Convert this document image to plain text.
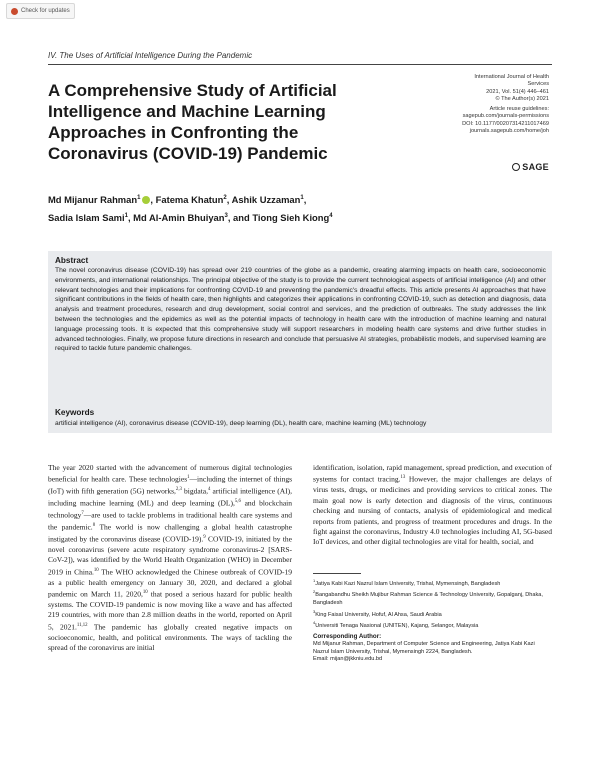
Check for updates
IV. The Uses of Artificial Intelligence During the Pandemic
A Comprehensive Study of Artificial Intelligence and Machine Learning Approaches in Confronting the Coronavirus (COVID-19) Pandemic
International Journal of Health
Services
2021, Vol. 51(4) 446–461
© The Author(s) 2021
Article reuse guidelines:
sagepub.com/journals-permissions
DOI: 10.1177/00207314211017469
journals.sagepub.com/home/joh
SAGE
Md Mijanur Rahman$^1$ , Fatema Khatun$^2$, Ashik Uzzaman$^1$,
Sadia Islam Sami$^1$, Md Al-Amin Bhuiyan$^3$, and Tiong Sieh Kiong$^4$
Abstract
The novel coronavirus disease (COVID-19) has spread over 219 countries of the globe as a pandemic, creating alarming impacts on health care, socioeconomic environments, and international relationships. The principal objective of the study is to provide the current technological aspects of artificial intelligence (AI) and other relevant technologies and their implications for confronting COVID-19 and preventing the pandemic's dreadful effects. This article presents AI approaches that have significant contributions in the fields of health care, then highlights and categorizes their applications in confronting COVID-19, such as detection and diagnosis, data analysis and treatment procedures, research and drug development, social control and services, and the prediction of outbreaks. The study addresses the link between the technologies and the epidemics as well as the potential impacts of technology in health care with the introduction of machine learning and natural language processing tools. It is expected that this comprehensive study will support researchers in modeling health care systems and drive further studies in advanced technologies. Finally, we propose future directions in research and conclude that persuasive AI strategies, probabilistic models, and supervised learning are required to tackle future pandemic challenges.
Keywords
artificial intelligence (AI), coronavirus disease (COVID-19), deep learning (DL), health care, machine learning (ML) technology
The year 2020 started with the advancement of numerous digital technologies beneficial for health care. These technologies$^1$—including the internet of things (IoT) with fifth generation (5G) networks,$^{2,3}$ bigdata,$^4$ artificial intelligence (AI), including machine learning (ML) and deep learning (DL),$^{5,6}$ and blockchain technology$^7$—are used to tackle problems in traditional health care systems and the pandemic.$^8$ The world is now challenging a global health catastrophe instigated by the coronavirus disease (COVID-19).$^9$ COVID-19, initiated by the novel coronavirus (severe acute respiratory syndrome coronavirus-2 [SARS-CoV-2]), was identified by the World Health Organization (WHO) in December 2019 in China.$^{10}$ The WHO acknowledged the Chinese outbreak of COVID-19 as a public health emergency on January 30, 2020, and declared a global pandemic on March 11, 2020,10 that posed a serious hazard for public health systems. The COVID-19 pandemic is now moving like a wave and has affected 219 countries, with more than 2.8 million deaths in the world, reported on April 5, 2021.$^{11,12}$ The pandemic has globally created negative impacts on socioeconomic, health, and political environments. The ways of tackling the spread of the coronavirus are initial
identification, isolation, rapid management, spread prediction, and execution of systems for contact tracing.$^{13}$ However, the major challenges are delays of virus tests, drugs, or medicines and providing services to critical zones. The main goal now is early detection and diagnosis of the virus, continuous checking and nursing of contacts, analysis of epidemiological and medical reports from patients, and progress of treatment procedures and drugs. In the fight against the coronavirus, Industry 4.0 technologies including AI, 5G-based IoT devices, and other digital technologies are vital for health, social, and
$^1$Jatiya Kabi Kazi Nazrul Islam University, Trishal, Mymensingh, Bangladesh
$^2$Bangabandhu Sheikh Mujibur Rahman Science & Technology University, Gopalganj, Dhaka, Bangladesh
$^3$King Faisal University, Hofuf, Al Ahsa, Saudi Arabia
$^4$Universiti Tenaga Nasional (UNITEN), Kajang, Selangor, Malaysia
Corresponding Author:
Md Mijanur Rahman, Department of Computer Science and Engineering, Jatiya Kabi Kazi Nazrul Islam University, Trishal, Mymensingh 2224, Bangladesh.
Email: mijan@jkkniu.edu.bd
